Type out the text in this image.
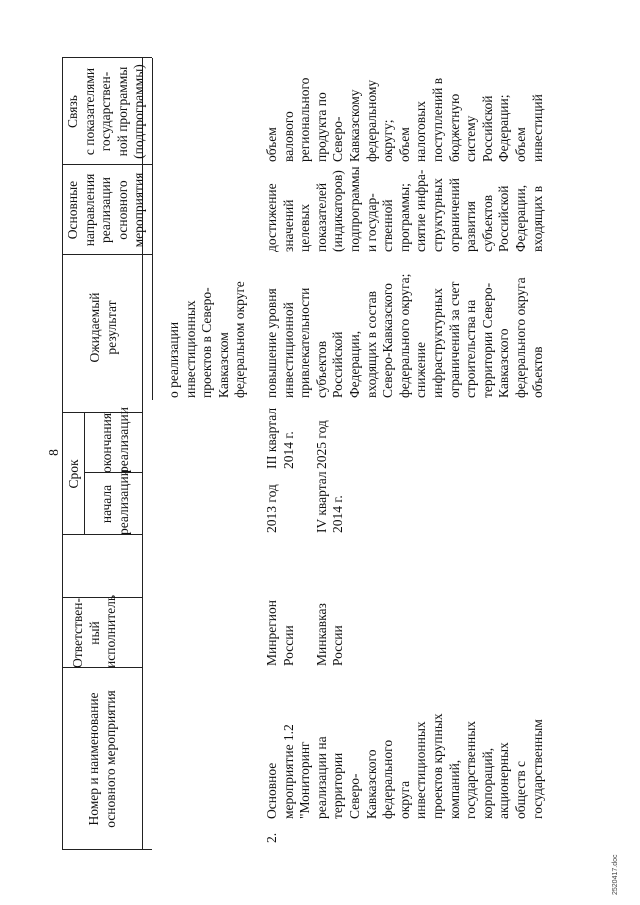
8
Номер и наименование
основного мероприятия
Ответствен-
ный
исполнитель
Срок
начала
реализации
окончания
реализации
Ожидаемый
результат
Основные
направления
реализации
основного
мероприятия
Связь
с показателями
государствен-
ной программы
(подпрограммы)
о реализации
инвестиционных
проектов в Северо-
Кавказском
федеральном округе
2.
Основное
мероприятие 1.2
"Мониторинг
реализации на
территории
Северо-
Кавказского
федерального
округа
инвестиционных
проектов крупных
компаний,
государственных
корпораций,
акционерных
обществ с
государственным
Минрегион
России

Минкавказ
России
2013 год

IV квартал
2014 г.
III квартал
2014 г.

2025 год
повышение уровня
инвестиционной
привлекательности
субъектов
Российской
Федерации,
входящих в состав
Северо-Кавказского
федерального округа;
снижение
инфраструктурных
ограничений за счет
строительства на
территории Северо-
Кавказского
федерального округа
объектов
достижение
значений
целевых
показателей
(индикаторов)
подпрограммы
и государ-
ственной
программы;
сиятие инфра-
структурных
ограничений
развития
субъектов
Российской
Федерации,
входящих в
объем
валового
регионального
продукта по
Северо-
Кавказскому
федеральному
округу;
объем
налоговых
поступлений в
бюджетную
систему
Российской
Федерации;
объем
инвестиций
2520417.doc
